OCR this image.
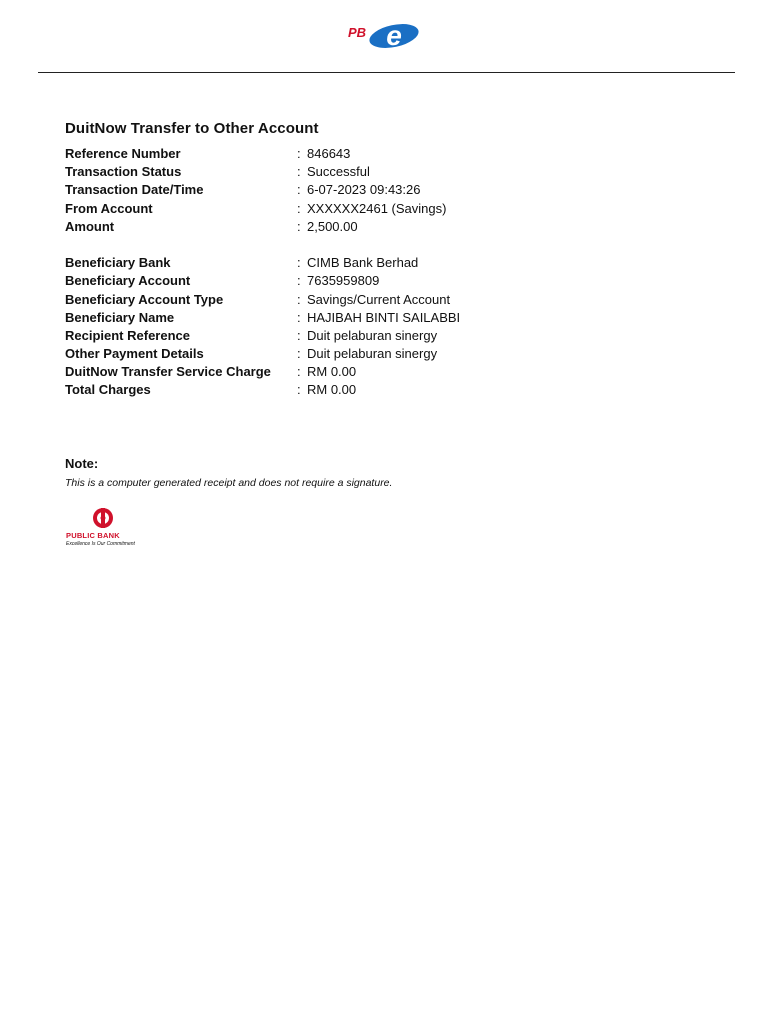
e
PB
DuitNow Transfer to Other Account
Reference Number	: 846643
Transaction Status	: Successful
Transaction Date/Time	: 6-07-2023 09:43:26
From Account	: XXXXXX2461 (Savings)
Amount	: 2,500.00
Beneficiary Bank	: CIMB Bank Berhad
Beneficiary Account	: 7635959809
Beneficiary Account Type	: Savings/Current Account
Beneficiary Name	: HAJIBAH BINTI SAILABBI
Recipient Reference	: Duit pelaburan sinergy
Other Payment Details	: Duit pelaburan sinergy
DuitNow Transfer Service Charge	: RM 0.00
Total Charges	: RM 0.00
Note:
This is a computer generated receipt and does not require a signature.
PUBLIC BANK
Excellence Is Our Commitment
